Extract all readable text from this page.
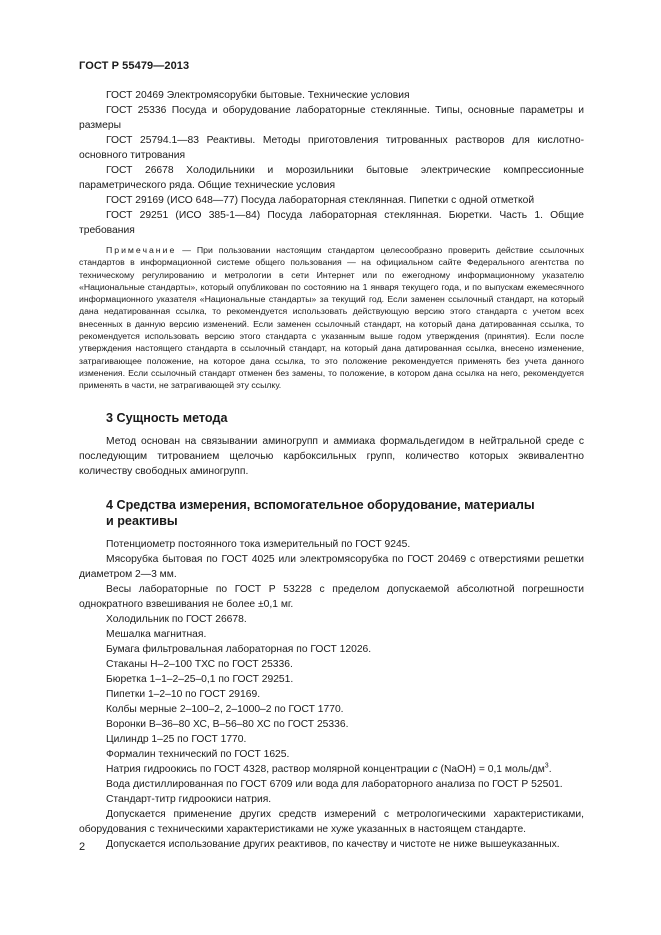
ГОСТ Р 55479—2013

ГОСТ 20469 Электромясорубки бытовые. Технические условия

ГОСТ 25336 Посуда и оборудование лабораторные стеклянные. Типы, основные параметры и размеры

ГОСТ 25794.1—83 Реактивы. Методы приготовления титрованных растворов для кислотно-основного титрования

ГОСТ 26678 Холодильники и морозильники бытовые электрические компрессионные параметрического ряда. Общие технические условия

ГОСТ 29169 (ИСО 648—77) Посуда лабораторная стеклянная. Пипетки с одной отметкой

ГОСТ 29251 (ИСО 385-1—84) Посуда лабораторная стеклянная. Бюретки. Часть 1. Общие требования

Примечание — При пользовании настоящим стандартом целесообразно проверить действие ссылочных стандартов в информационной системе общего пользования — на официальном сайте Федерального агентства по техническому регулированию и метрологии в сети Интернет или по ежегодному информационному указателю «Национальные стандарты», который опубликован по состоянию на 1 января текущего года, и по выпускам ежемесячного информационного указателя «Национальные стандарты» за текущий год. Если заменен ссылочный стандарт, на который дана недатированная ссылка, то рекомендуется использовать действующую версию этого стандарта с учетом всех внесенных в данную версию изменений. Если заменен ссылочный стандарт, на который дана датированная ссылка, то рекомендуется использовать версию этого стандарта с указанным выше годом утверждения (принятия). Если после утверждения настоящего стандарта в ссылочный стандарт, на который дана датированная ссылка, внесено изменение, затрагивающее положение, на которое дана ссылка, то это положение рекомендуется применять без учета данного изменения. Если ссылочный стандарт отменен без замены, то положение, в котором дана ссылка на него, рекомендуется применять в части, не затрагивающей эту ссылку.

3 Сущность метода

Метод основан на связывании аминогрупп и аммиака формальдегидом в нейтральной среде с последующим титрованием щелочью карбоксильных групп, количество которых эквивалентно количеству свободных аминогрупп.

4 Средства измерения, вспомогательное оборудование, материалы
и реактивы

Потенциометр постоянного тока измерительный по ГОСТ 9245.

Мясорубка бытовая по ГОСТ 4025 или электромясорубка по ГОСТ 20469 с отверстиями решетки диаметром 2—3 мм.

Весы лабораторные по ГОСТ Р 53228 с пределом допускаемой абсолютной погрешности однократного взвешивания не более ±0,1 мг.

Холодильник по ГОСТ 26678.

Мешалка магнитная.

Бумага фильтровальная лабораторная по ГОСТ 12026.

Стаканы Н–2–100 ТХС по ГОСТ 25336.

Бюретка 1–1–2–25–0,1 по ГОСТ 29251.

Пипетки 1–2–10 по ГОСТ 29169.

Колбы мерные 2–100–2, 2–1000–2 по ГОСТ 1770.

Воронки В–36–80 ХС, В–56–80 ХС по ГОСТ 25336.

Цилиндр 1–25 по ГОСТ 1770.

Формалин технический по ГОСТ 1625.

Натрия гидроокись по ГОСТ 4328, раствор молярной концентрации c (NaOH) = 0,1 моль/$дм^3$.

Вода дистиллированная по ГОСТ 6709 или вода для лабораторного анализа по ГОСТ Р 52501.

Стандарт-титр гидроокиси натрия.

Допускается применение других средств измерений с метрологическими характеристиками, оборудования с техническими характеристиками не хуже указанных в настоящем стандарте.

Допускается использование других реактивов, по качеству и чистоте не ниже вышеуказанных.

2
